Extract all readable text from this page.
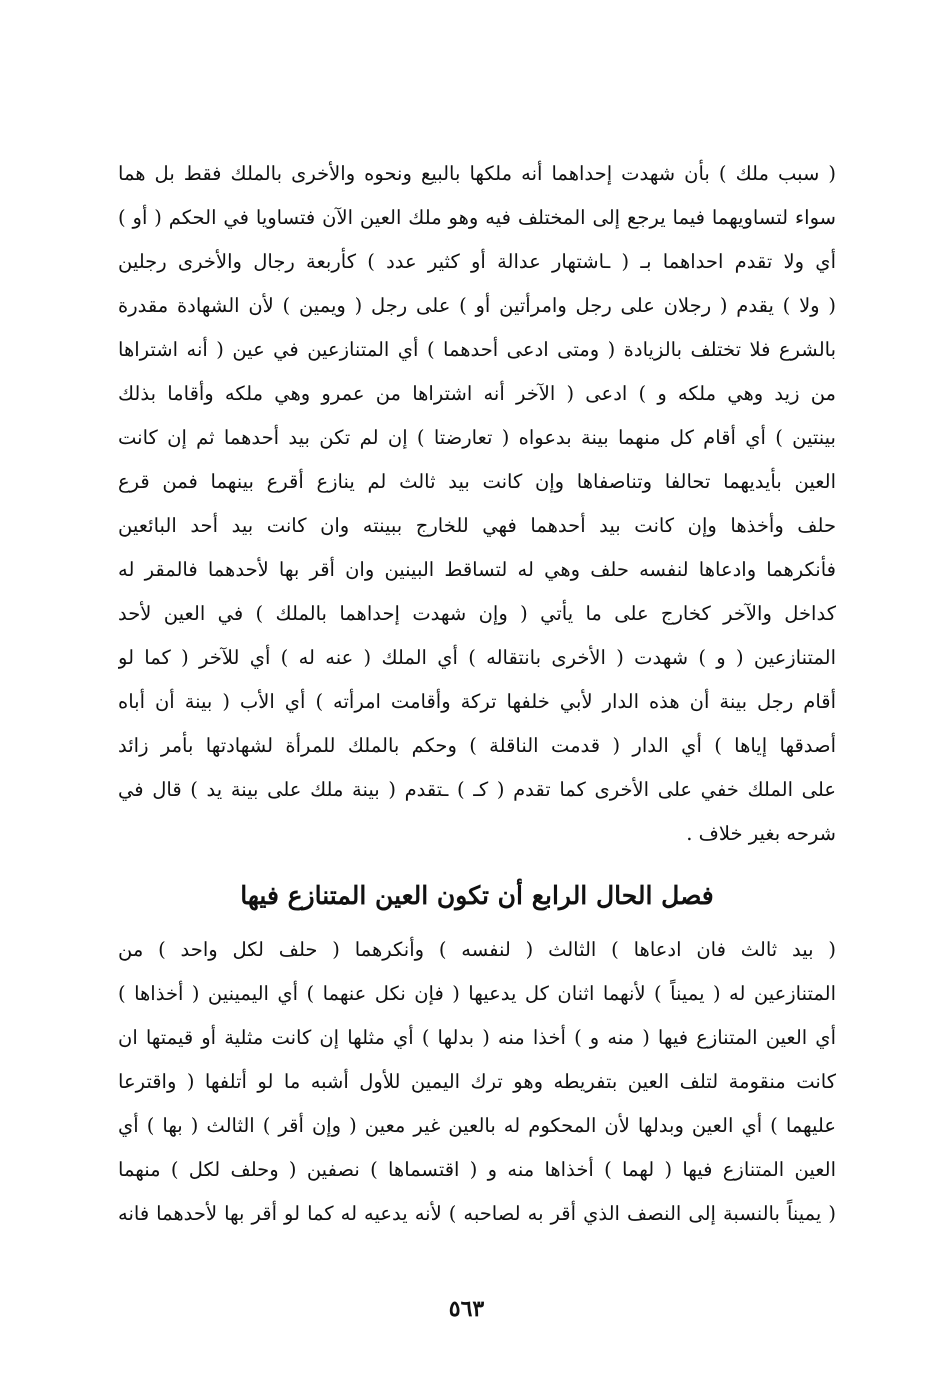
( سبب ملك ) بأن شهدت إحداهما أنه ملكها بالبيع ونحوه والأخرى بالملك فقط بل هما
سواء لتساويهما فيما يرجع إلى المختلف فيه وهو ملك العين الآن فتساويا في الحكم ( أو )
أي ولا تقدم احداهما بـ ( ـاشتهار عدالة أو كثير عدد ) كأربعة رجال والأخرى رجلين
( ولا ) يقدم ( رجلان على رجل وامرأتين أو ) على رجل ( ويمين ) لأن الشهادة مقدرة
بالشرع فلا تختلف بالزيادة ( ومتى ادعى أحدهما ) أي المتنازعين في عين ( أنه اشتراها
من زيد وهي ملكه و ) ادعى ( الآخر أنه اشتراها من عمرو وهي ملكه وأقاما بذلك
بينتين ) أي أقام كل منهما بينة بدعواه ( تعارضتا ) إن لم تكن بيد أحدهما ثم إن كانت
العين بأيديهما تحالفا وتناصفاها وإن كانت بيد ثالث لم ينازع أقرع بينهما فمن قرع
حلف وأخذها وإن كانت بيد أحدهما فهي للخارج ببينته وان كانت بيد أحد البائعين
فأنكرهما وادعاها لنفسه حلف وهي له لتساقط البينين وان أقر بها لأحدهما فالمقر له
كداخل والآخر كخارج على ما يأتي ( وإن شهدت إحداهما بالملك ) في العين لأحد
المتنازعين ( و ) شهدت ( الأخرى بانتقاله ) أي الملك ( عنه له ) أي للآخر ( كما لو
أقام رجل بينة أن هذه الدار لأبي خلفها تركة وأقامت امرأته ) أي الأب ( بينة أن أباه
أصدقها إياها ) أي الدار ( قدمت الناقلة ) وحكم بالملك للمرأة لشهادتها بأمر زائد
على الملك خفي على الأخرى كما تقدم ( كـ ) ـتقدم ( بينة ملك على بينة يد ) قال في
شرحه بغير خلاف .
فصل الحال الرابع أن تكون العين المتنازع فيها
( بيد ثالث فان ادعاها ) الثالث ( لنفسه ) وأنكرهما ( حلف لكل واحد ) من
المتنازعين له ( يميناً ) لأنهما اثنان كل يدعيها ( فإن نكل عنهما ) أي اليمينين ( أخذاها )
أي العين المتنازع فيها ( منه و ) أخذا منه ( بدلها ) أي مثلها إن كانت مثلية أو قيمتها ان
كانت منقومة لتلف العين بتفريطه وهو ترك اليمين للأول أشبه ما لو أتلفها ( واقترعا
عليهما ) أي العين وبدلها لأن المحكوم له بالعين غير معين ( وإن أقر ) الثالث ( بها ) أي
العين المتنازع فيها ( لهما ) أخذاها منه و ( اقتسماها ) نصفين ( وحلف لكل ) منهما
( يميناً بالنسبة إلى النصف الذي أقر به لصاحبه ) لأنه يدعيه له كما لو أقر بها لأحدهما فانه
٥٦٣
